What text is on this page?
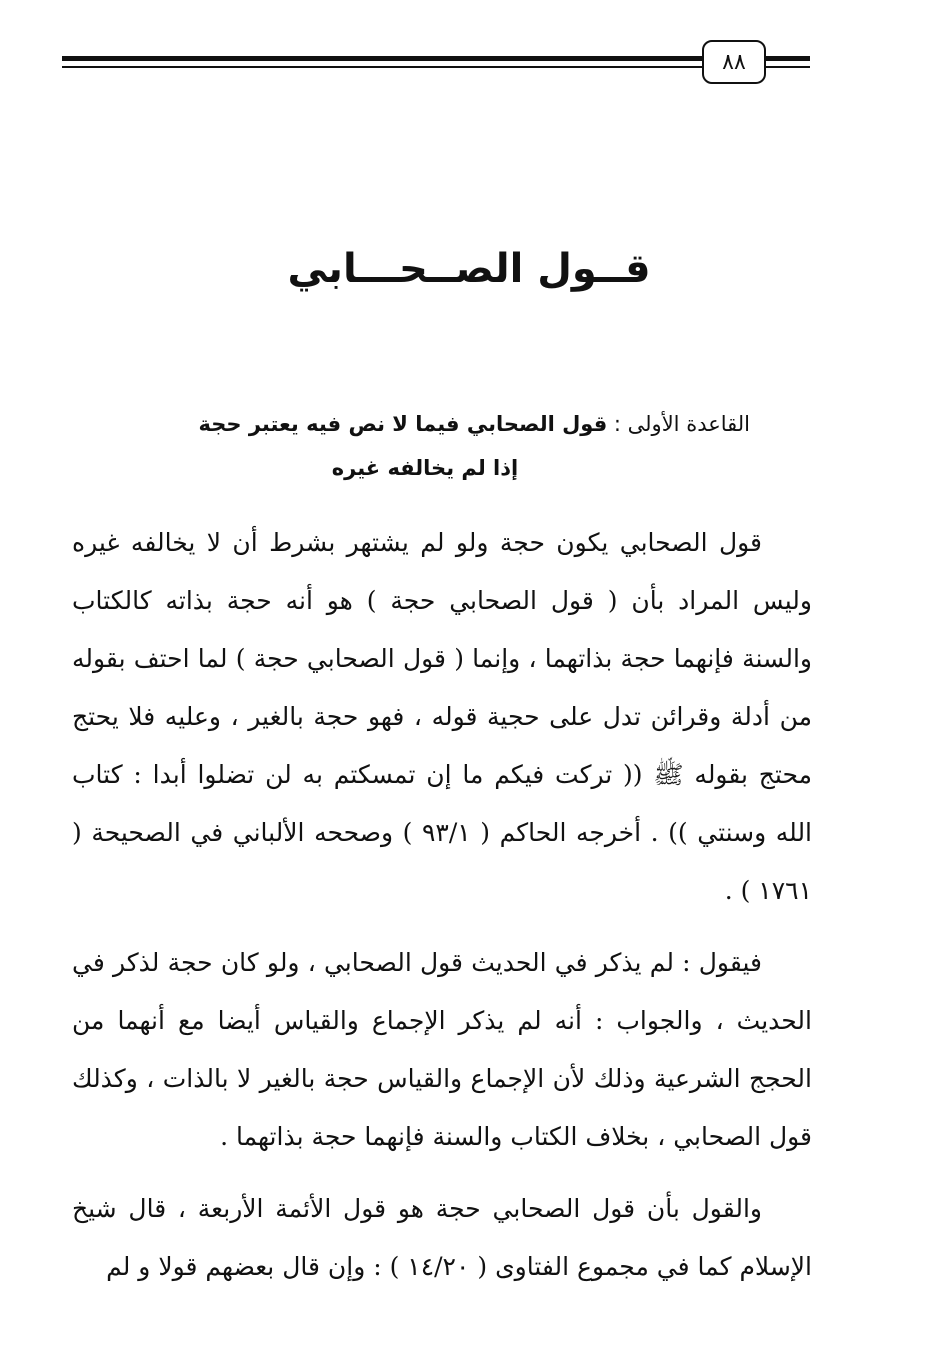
٨٨
قــول الصــحـــابي
القاعدة الأولى : قول الصحابي فيما لا نص فيه يعتبر حجة
إذا لم يخالفه غيره
قول الصحابي يكون حجة ولو لم يشتهر بشرط أن لا يخالفه غيره وليس المراد بأن ( قول الصحابي حجة ) هو أنه حجة بذاته كالكتاب والسنة فإنهما حجة بذاتهما ، وإنما ( قول الصحابي حجة ) لما احتف بقوله من أدلة وقرائن تدل على حجية قوله ، فهو حجة بالغير ، وعليه فلا يحتج محتج بقوله ﷺ (( تركت فيكم ما إن تمسكتم به لن تضلوا أبدا : كتاب الله وسنتي )) . أخرجه الحاكم ( ٩٣/١ ) وصححه الألباني في الصحيحة ( ١٧٦١ ) .
فيقول : لم يذكر في الحديث قول الصحابي ، ولو كان حجة لذكر في الحديث ، والجواب : أنه لم يذكر الإجماع والقياس أيضا مع أنهما من الحجج الشرعية وذلك لأن الإجماع والقياس حجة بالغير لا بالذات ، وكذلك قول الصحابي ، بخلاف الكتاب والسنة فإنهما حجة بذاتهما .
والقول بأن قول الصحابي حجة هو قول الأئمة الأربعة ، قال شيخ الإسلام كما في مجموع الفتاوى ( ١٤/٢٠ ) : وإن قال بعضهم قولا و لم
